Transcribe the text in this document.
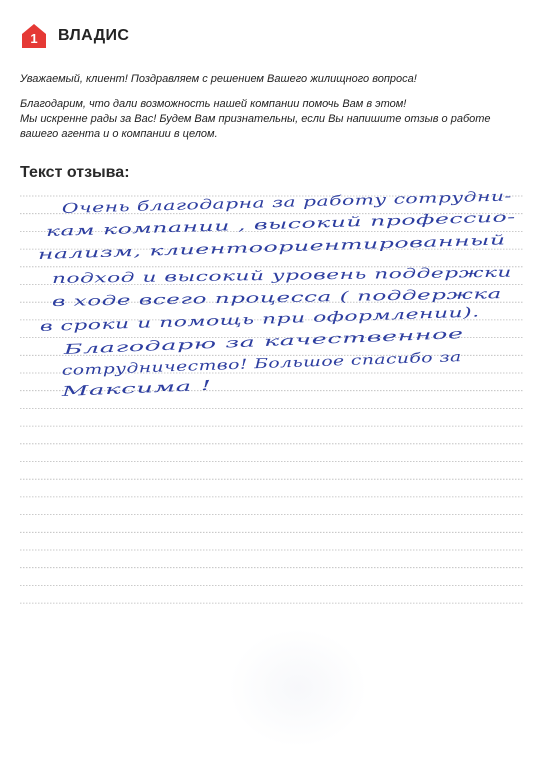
1 ВЛАДИС

Уважаемый, клиент! Поздравляем с решением Вашего жилищного вопроса!

Благодарим, что дали возможность нашей компании помочь Вам в этом!

Мы искренне рады за Вас! Будем Вам признательны, если Вы напишите отзыв о работе

вашего агента и о компании в целом.

Текст отзыва:
Очень благодарна за работу сотрудни-
кам компании , высокий профессио-
нализм, клиентоориентированный
подход и высокий уровень поддержки
в ходе всего процесса ( поддержка
в сроки и помощь при оформлении).
Благодарю за качественное
сотрудничество! Большое спасибо за
Максима !
